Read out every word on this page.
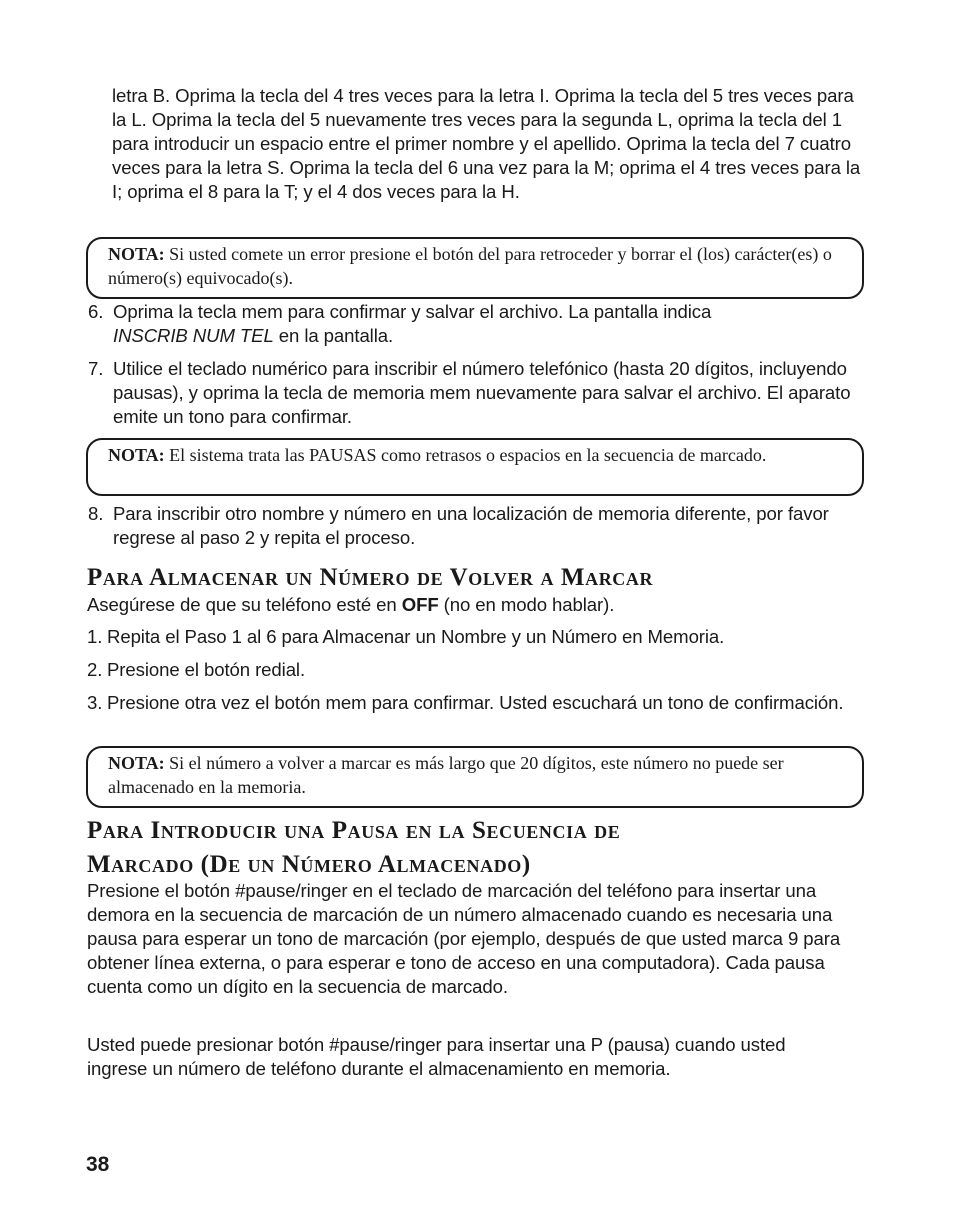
letra B. Oprima la tecla del 4 tres veces para la letra I. Oprima la tecla del 5 tres veces para la L. Oprima la tecla del 5 nuevamente tres veces para la segunda L, oprima la tecla del 1 para introducir un espacio entre el primer nombre y el apellido. Oprima la tecla del 7 cuatro veces para la letra S. Oprima la tecla del 6 una vez para la M; oprima el 4 tres veces para la I; oprima el 8 para la T; y el 4 dos veces para la H.

NOTA: Si usted comete un error presione el botón del para retroceder y borrar el (los) carácter(es) o número(s) equivocado(s).
6. Oprima la tecla mem para confirmar y salvar el archivo. La pantalla indica
INSCRIB NUM TEL en la pantalla.
7. Utilice el teclado numérico para inscribir el número telefónico (hasta 20 dígitos, incluyendo pausas), y oprima la tecla de memoria mem nuevamente para salvar el archivo. El aparato emite un tono para confirmar.
NOTA: El sistema trata las PAUSAS como retrasos o espacios en la secuencia de marcado.
8. Para inscribir otro nombre y número en una localización de memoria diferente, por favor regrese al paso 2 y repita el proceso.
Para Almacenar un Número de Volver a Marcar

Asegúrese de que su teléfono esté en OFF (no en modo hablar).

1. Repita el Paso 1 al 6 para Almacenar un Nombre y un Número en Memoria.
2. Presione el botón redial.
3. Presione otra vez el botón mem para confirmar. Usted escuchará un tono de confirmación.
NOTA: Si el número a volver a marcar es más largo que 20 dígitos, este número no puede ser almacenado en la memoria.
Para Introducir una Pausa en la Secuencia de
Marcado (De un Número Almacenado)

Presione el botón #pause/ringer en el teclado de marcación del teléfono para insertar una demora en la secuencia de marcación de un número almacenado cuando es necesaria una pausa para esperar un tono de marcación (por ejemplo, después de que usted marca 9 para obtener línea externa, o para esperar e tono de acceso en una computadora). Cada pausa cuenta como un dígito en la secuencia de marcado.

Usted puede presionar botón #pause/ringer para insertar una P (pausa) cuando usted ingrese un número de teléfono durante el almacenamiento en memoria.

38
